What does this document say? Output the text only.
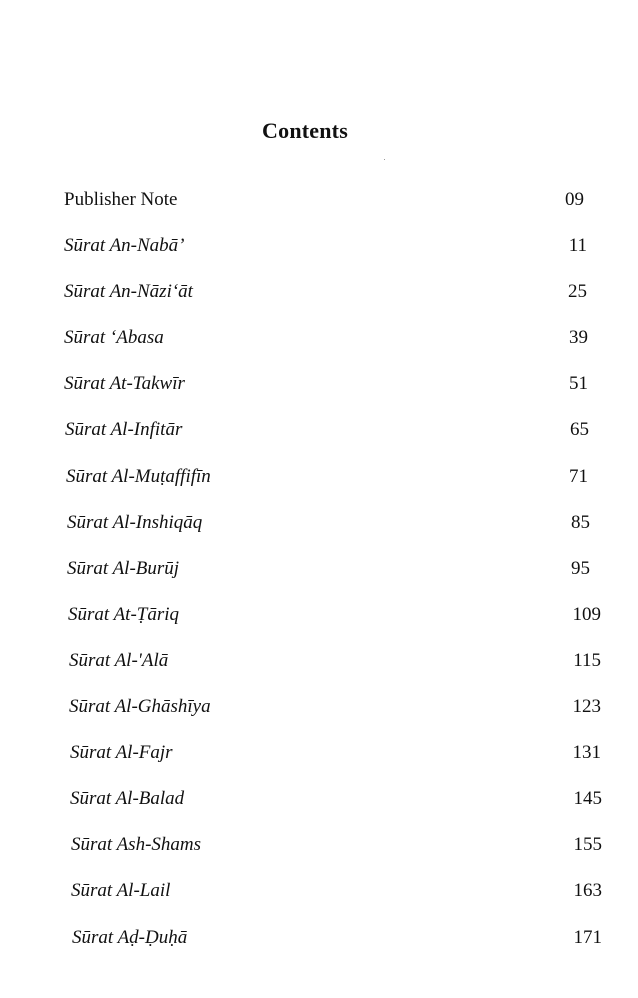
Contents
Publisher Note	09
Sūrat An-Nabā’	11
Sūrat An-Nāzi‘āt	25
Sūrat ‘Abasa	39
Sūrat At-Takwīr	51
Sūrat Al-Infitār	65
Sūrat Al-Muṭaffifīn	71
Sūrat Al-Inshiqāq	85
Sūrat Al-Burūj	95
Sūrat At-Ṭāriq	109
Sūrat Al-'Alā	115
Sūrat Al-Ghāshīya	123
Sūrat Al-Fajr	131
Sūrat Al-Balad	145
Sūrat Ash-Shams	155
Sūrat Al-Lail	163
Sūrat Aḍ-Ḍuḥā	171
